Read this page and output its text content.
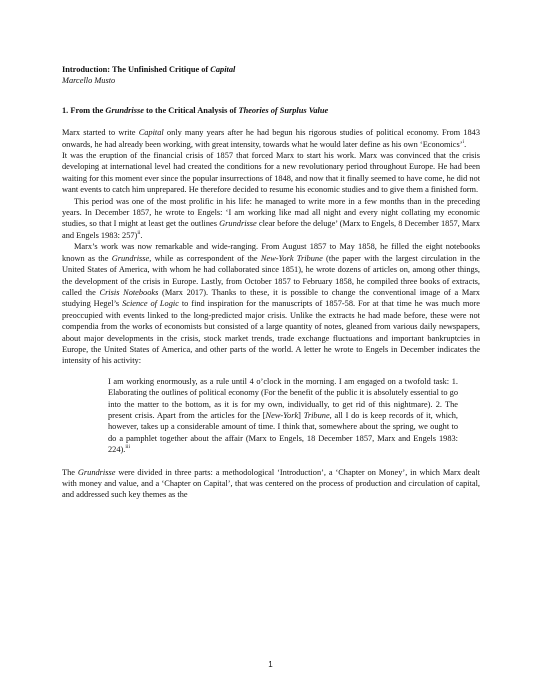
Introduction: The Unfinished Critique of Capital
Marcello Musto
1. From the Grundrisse to the Critical Analysis of Theories of Surplus Value

Marx started to write Capital only many years after he had begun his rigorous studies of political economy. From 1843 onwards, he had already been working, with great intensity, towards what he would later define as his own ‘Economics’$^i$.

It was the eruption of the financial crisis of 1857 that forced Marx to start his work. Marx was convinced that the crisis developing at international level had created the conditions for a new revolutionary period throughout Europe. He had been waiting for this moment ever since the popular insurrections of 1848, and now that it finally seemed to have come, he did not want events to catch him unprepared. He therefore decided to resume his economic studies and to give them a finished form.

This period was one of the most prolific in his life: he managed to write more in a few months than in the preceding years. In December 1857, he wrote to Engels: ‘I am working like mad all night and every night collating my economic studies, so that I might at least get the outlines Grundrisse clear before the deluge’ (Marx to Engels, 8 December 1857, Marx and Engels 1983: 257)$^{ii}$.

Marx’s work was now remarkable and wide-ranging. From August 1857 to May 1858, he filled the eight notebooks known as the Grundrisse, while as correspondent of the New-York Tribune (the paper with the largest circulation in the United States of America, with whom he had collaborated since 1851), he wrote dozens of articles on, among other things, the development of the crisis in Europe. Lastly, from October 1857 to February 1858, he compiled three books of extracts, called the Crisis Notebooks (Marx 2017). Thanks to these, it is possible to change the conventional image of a Marx studying Hegel’s Science of Logic to find inspiration for the manuscripts of 1857-58. For at that time he was much more preoccupied with events linked to the long-predicted major crisis. Unlike the extracts he had made before, these were not compendia from the works of economists but consisted of a large quantity of notes, gleaned from various daily newspapers, about major developments in the crisis, stock market trends, trade exchange fluctuations and important bankruptcies in Europe, the United States of America, and other parts of the world. A letter he wrote to Engels in December indicates the intensity of his activity:

I am working enormously, as a rule until 4 o’clock in the morning. I am engaged on a twofold task: 1. Elaborating the outlines of political economy (For the benefit of the public it is absolutely essential to go into the matter to the bottom, as it is for my own, individually, to get rid of this nightmare). 2. The present crisis. Apart from the articles for the [New-York] Tribune, all I do is keep records of it, which, however, takes up a considerable amount of time. I think that, somewhere about the spring, we ought to do a pamphlet together about the affair (Marx to Engels, 18 December 1857, Marx and Engels 1983: 224).$^{iii}$

The Grundrisse were divided in three parts: a methodological ‘Introduction’, a ‘Chapter on Money’, in which Marx dealt with money and value, and a ‘Chapter on Capital’, that was centered on the process of production and circulation of capital, and addressed such key themes as the

1
